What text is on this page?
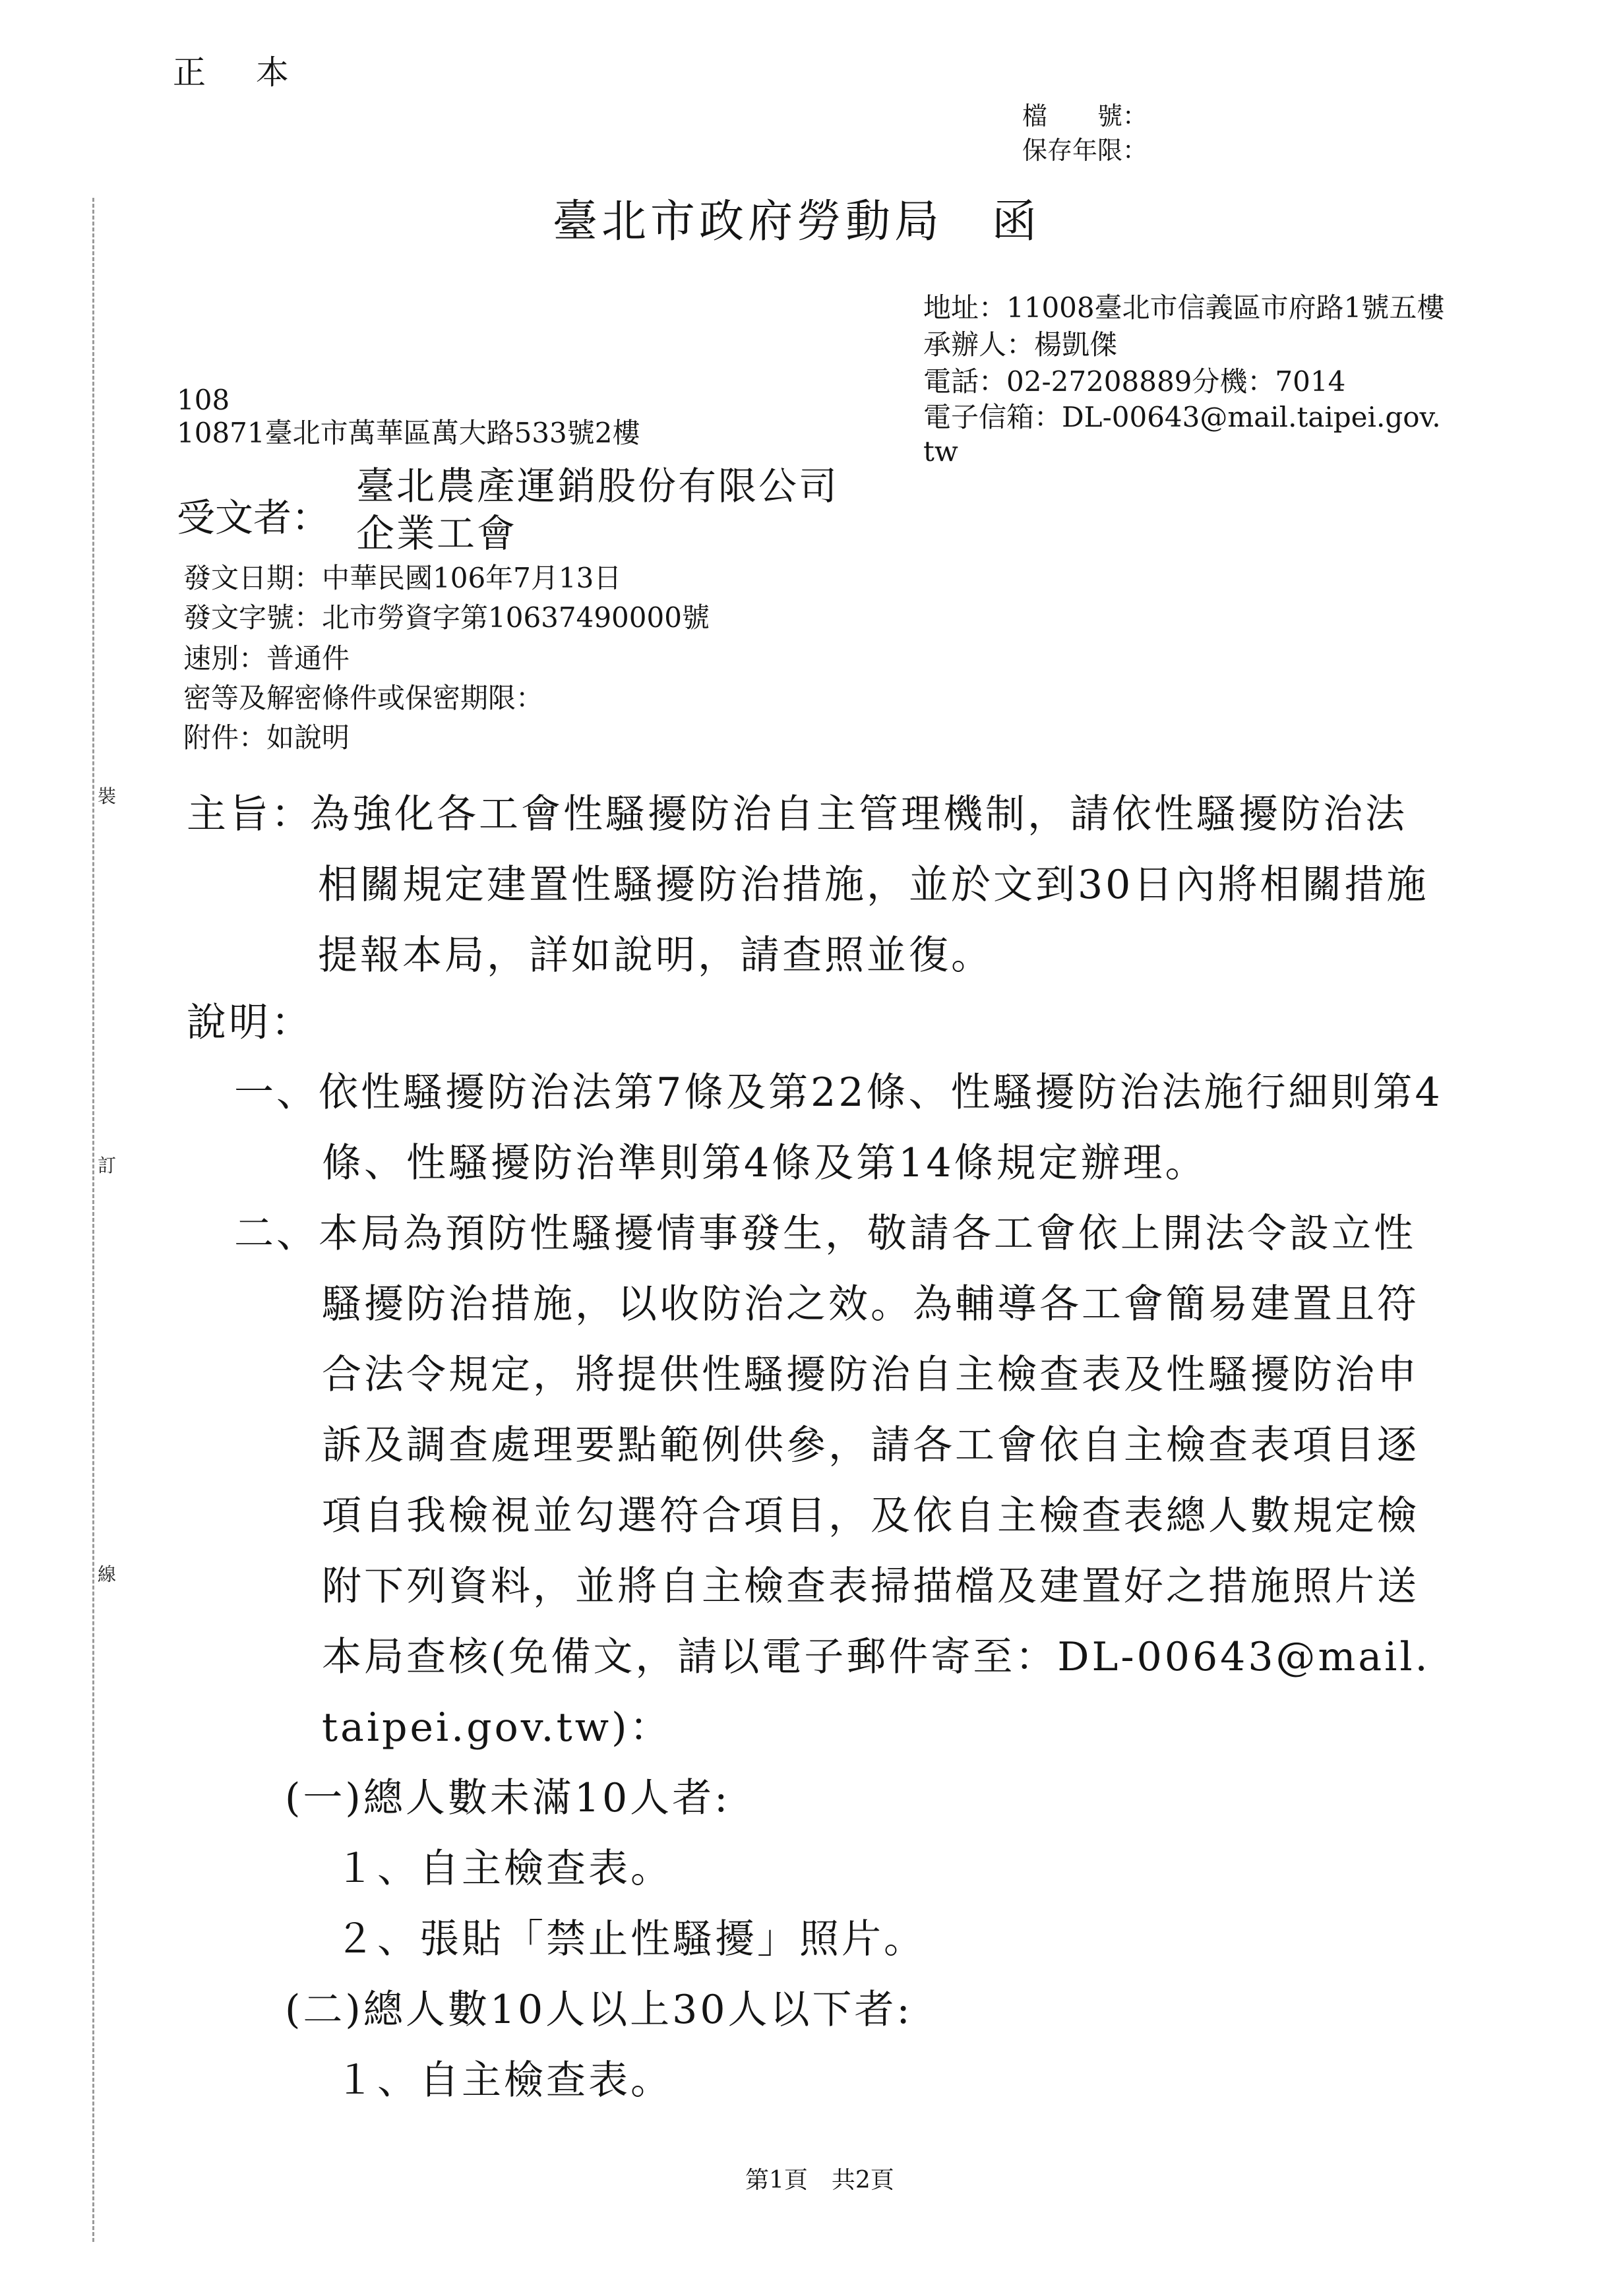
裝
訂
線
正 本
檔　　號：
保存年限：
臺北市政府勞動局　函
地址：11008臺北市信義區市府路1號五樓
承辦人：楊凱傑
電話：02-27208889分機：7014
電子信箱：DL-00643@mail.taipei.gov.
tw
108
10871臺北市萬華區萬大路533號2樓
受文者：
臺北農產運銷股份有限公司
企業工會
發文日期：中華民國106年7月13日
發文字號：北市勞資字第10637490000號
速別：普通件
密等及解密條件或保密期限：
附件：如說明
主旨：
為強化各工會性騷擾防治自主管理機制，請依性騷擾防治法
相關規定建置性騷擾防治措施，並於文到30日內將相關措施
提報本局，詳如說明，請查照並復。
說明：
一、依性騷擾防治法第7條及第22條、性騷擾防治法施行細則第4
條、性騷擾防治準則第4條及第14條規定辦理。
二、本局為預防性騷擾情事發生，敬請各工會依上開法令設立性
騷擾防治措施，以收防治之效。為輔導各工會簡易建置且符
合法令規定，將提供性騷擾防治自主檢查表及性騷擾防治申
訴及調查處理要點範例供參，請各工會依自主檢查表項目逐
項自我檢視並勾選符合項目，及依自主檢查表總人數規定檢
附下列資料，並將自主檢查表掃描檔及建置好之措施照片送
本局查核(免備文，請以電子郵件寄至：DL-00643@mail.
taipei.gov.tw)：
(一)總人數未滿10人者:
１、自主檢查表。
２、張貼「禁止性騷擾」照片。
(二)總人數10人以上30人以下者:
１、自主檢查表。
第1頁　共2頁
